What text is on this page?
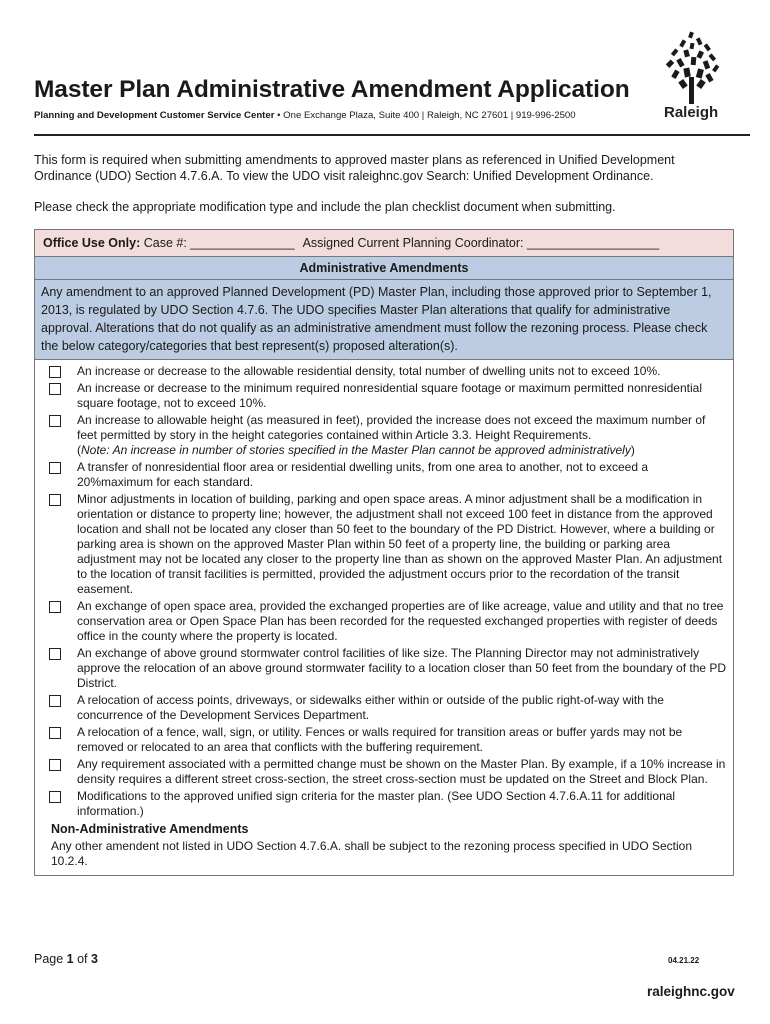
Master Plan Administrative Amendment Application
Planning and Development Customer Service Center • One Exchange Plaza, Suite 400 | Raleigh, NC 27601 | 919-996-2500	Raleigh
This form is required when submitting amendments to approved master plans as referenced in Unified Development Ordinance (UDO) Section 4.7.6.A. To view the UDO visit raleighnc.gov Search: Unified Development Ordinance.
Please check the appropriate modification type and include the plan checklist document when submitting.
Office Use Only: Case #: _______________ Assigned Current Planning Coordinator: ___________________
Administrative Amendments
Any amendment to an approved Planned Development (PD) Master Plan, including those approved prior to September 1, 2013, is regulated by UDO Section 4.7.6. The UDO specifies Master Plan alterations that qualify for administrative approval. Alterations that do not qualify as an administrative amendment must follow the rezoning process. Please check the below category/categories that best represent(s) proposed alteration(s).
An increase or decrease to the allowable residential density, total number of dwelling units not to exceed 10%.
An increase or decrease to the minimum required nonresidential square footage or maximum permitted nonresidential square footage, not to exceed 10%.
An increase to allowable height (as measured in feet), provided the increase does not exceed the maximum number of feet permitted by story in the height categories contained within Article 3.3. Height Requirements.
(Note: An increase in number of stories specified in the Master Plan cannot be approved administratively)
A transfer of nonresidential floor area or residential dwelling units, from one area to another, not to exceed a 20%maximum for each standard.
Minor adjustments in location of building, parking and open space areas. A minor adjustment shall be a modification in orientation or distance to property line; however, the adjustment shall not exceed 100 feet in distance from the approved location and shall not be located any closer than 50 feet to the boundary of the PD District. However, where a building or parking area is shown on the approved Master Plan within 50 feet of a property line, the building or parking area adjustment may not be located any closer to the property line than as shown on the approved Master Plan. An adjustment to the location of transit facilities is permitted, provided the adjustment occurs prior to the recordation of the transit easement.
An exchange of open space area, provided the exchanged properties are of like acreage, value and utility and that no tree conservation area or Open Space Plan has been recorded for the requested exchanged properties with register of deeds office in the county where the property is located.
An exchange of above ground stormwater control facilities of like size. The Planning Director may not administratively approve the relocation of an above ground stormwater facility to a location closer than 50 feet from the boundary of the PD District.
A relocation of access points, driveways, or sidewalks either within or outside of the public right-of-way with the concurrence of the Development Services Department.
A relocation of a fence, wall, sign, or utility. Fences or walls required for transition areas or buffer yards may not be removed or relocated to an area that conflicts with the buffering requirement.
Any requirement associated with a permitted change must be shown on the Master Plan. By example, if a 10% increase in density requires a different street cross-section, the street cross-section must be updated on the Street and Block Plan.
Modifications to the approved unified sign criteria for the master plan. (See UDO Section 4.7.6.A.11 for additional information.)
Non-Administrative Amendments
Any other amendent not listed in UDO Section 4.7.6.A. shall be subject to the rezoning process specified in UDO Section 10.2.4.
Page 1 of 3	04.21.22
raleighnc.gov
